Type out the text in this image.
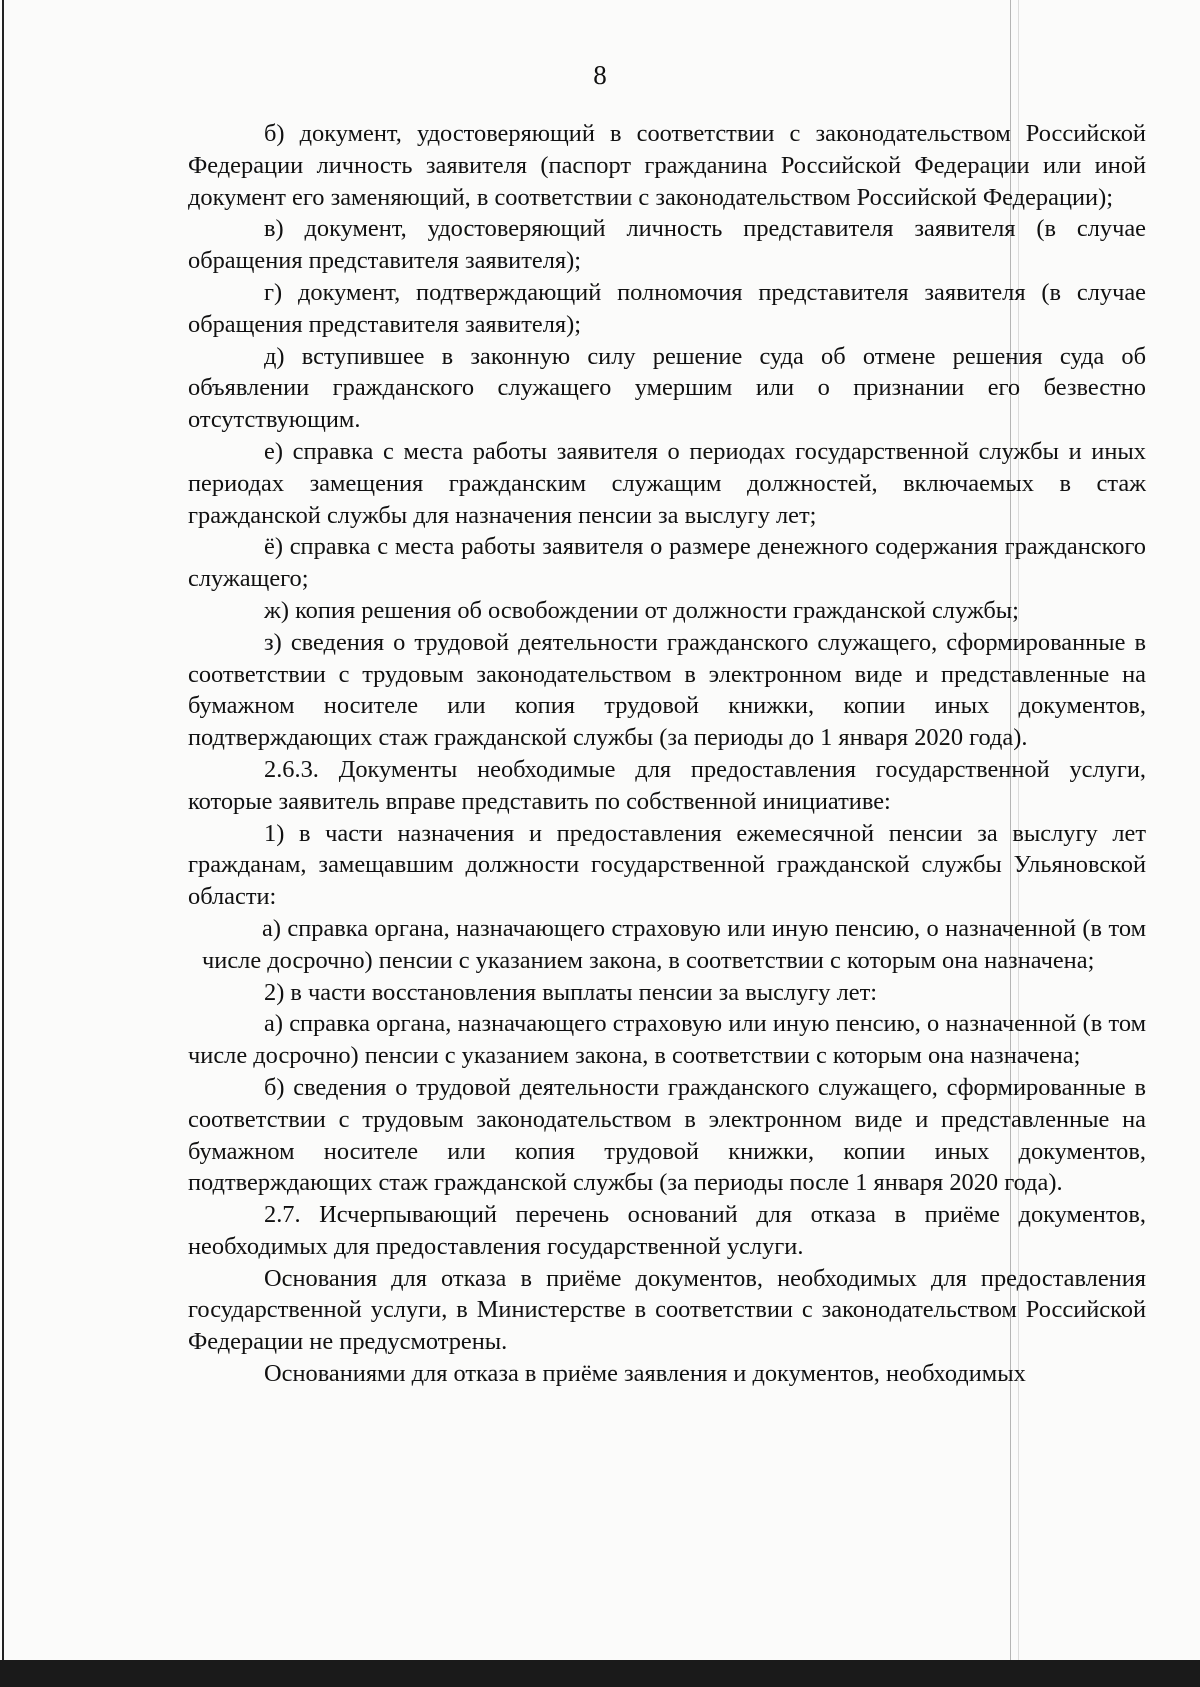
8

б) документ, удостоверяющий в соответствии с законодательством Российской Федерации личность заявителя (паспорт гражданина Российской Федерации или иной документ его заменяющий, в соответствии с законодательством Российской Федерации);

в) документ, удостоверяющий личность представителя заявителя (в случае обращения представителя заявителя);

г) документ, подтверждающий полномочия представителя заявителя (в случае обращения представителя заявителя);

д) вступившее в законную силу решение суда об отмене решения суда об объявлении гражданского служащего умершим или о признании его безвестно отсутствующим.

е) справка с места работы заявителя о периодах государственной службы и иных периодах замещения гражданским служащим должностей, включаемых в стаж гражданской службы для назначения пенсии за выслугу лет;

ё) справка с места работы заявителя о размере денежного содержания гражданского служащего;

ж) копия решения об освобождении от должности гражданской службы;

з) сведения о трудовой деятельности гражданского служащего, сформированные в соответствии с трудовым законодательством в электронном виде и представленные на бумажном носителе или копия трудовой книжки, копии иных документов, подтверждающих стаж гражданской службы (за периоды до 1 января 2020 года).

2.6.3. Документы необходимые для предоставления государственной услуги, которые заявитель вправе представить по собственной инициативе:

1) в части назначения и предоставления ежемесячной пенсии за выслугу лет гражданам, замещавшим должности государственной гражданской службы Ульяновской области:

а) справка органа, назначающего страховую или иную пенсию, о назначенной (в том числе досрочно) пенсии с указанием закона, в соответствии с которым она назначена;

2) в части восстановления выплаты пенсии за выслугу лет:

а) справка органа, назначающего страховую или иную пенсию, о назначенной (в том числе досрочно) пенсии с указанием закона, в соответствии с которым она назначена;

б) сведения о трудовой деятельности гражданского служащего, сформированные в соответствии с трудовым законодательством в электронном виде и представленные на бумажном носителе или копия трудовой книжки, копии иных документов, подтверждающих стаж гражданской службы (за периоды после 1 января 2020 года).

2.7. Исчерпывающий перечень оснований для отказа в приёме документов, необходимых для предоставления государственной услуги.

Основания для отказа в приёме документов, необходимых для предоставления государственной услуги, в Министерстве в соответствии с законодательством Российской Федерации не предусмотрены.

Основаниями для отказа в приёме заявления и документов, необходимых
